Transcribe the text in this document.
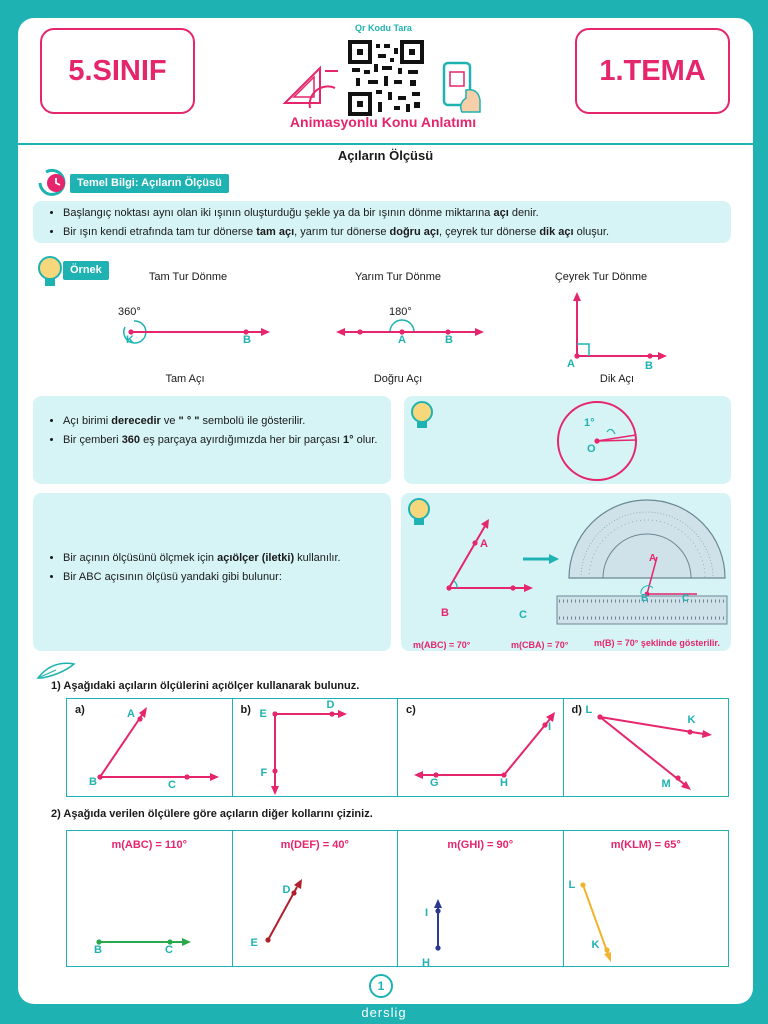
5.SINIF	1.TEMA
Qr Kodu Tara
Animasyonlu Konu Anlatımı
Açıların Ölçüsü
Temel Bilgi: Açıların Ölçüsü
• Başlangıç noktası aynı olan iki ışının oluşturduğu şekle ya da bir ışının dönme miktarına açı denir.
• Bir ışın kendi etrafında tam tur dönerse tam açı, yarım tur dönerse doğru açı, çeyrek tur dönerse dik açı oluşur.
Örnek
Tam Tur Dönme	Yarım Tur Dönme	Çeyrek Tur Dönme
360°
K	B
Tam Açı
180°
A	B
Doğru Açı
A	B
Dik Açı
• Açı birimi derecedir ve " ° " sembolü ile gösterilir.
• Bir çemberi 360 eş parçaya ayırdığımızda her bir parçası 1° olur.
1°
O
• Bir açının ölçüsünü ölçmek için açıölçer (iletki) kullanılır.
• Bir ABC açısının ölçüsü yandaki gibi bulunur:
A
B	C
A
B	C
m(ABC) = 70°	m(CBA) = 70°	m(B) = 70° şeklinde gösterilir.
1) Aşağıdaki açıların ölçülerini açıölçer kullanarak bulunuz.
a)	A
B	C
b) E
D
F
c)
I
G	H
d) L
K
M
2) Aşağıda verilen ölçülere göre açıların diğer kollarını çiziniz.
m(ABC) = 110°
B	C
m(DEF) = 40°
D
E
m(GHI) = 90°
I
H
m(KLM) = 65°
L
K
1
derslig
